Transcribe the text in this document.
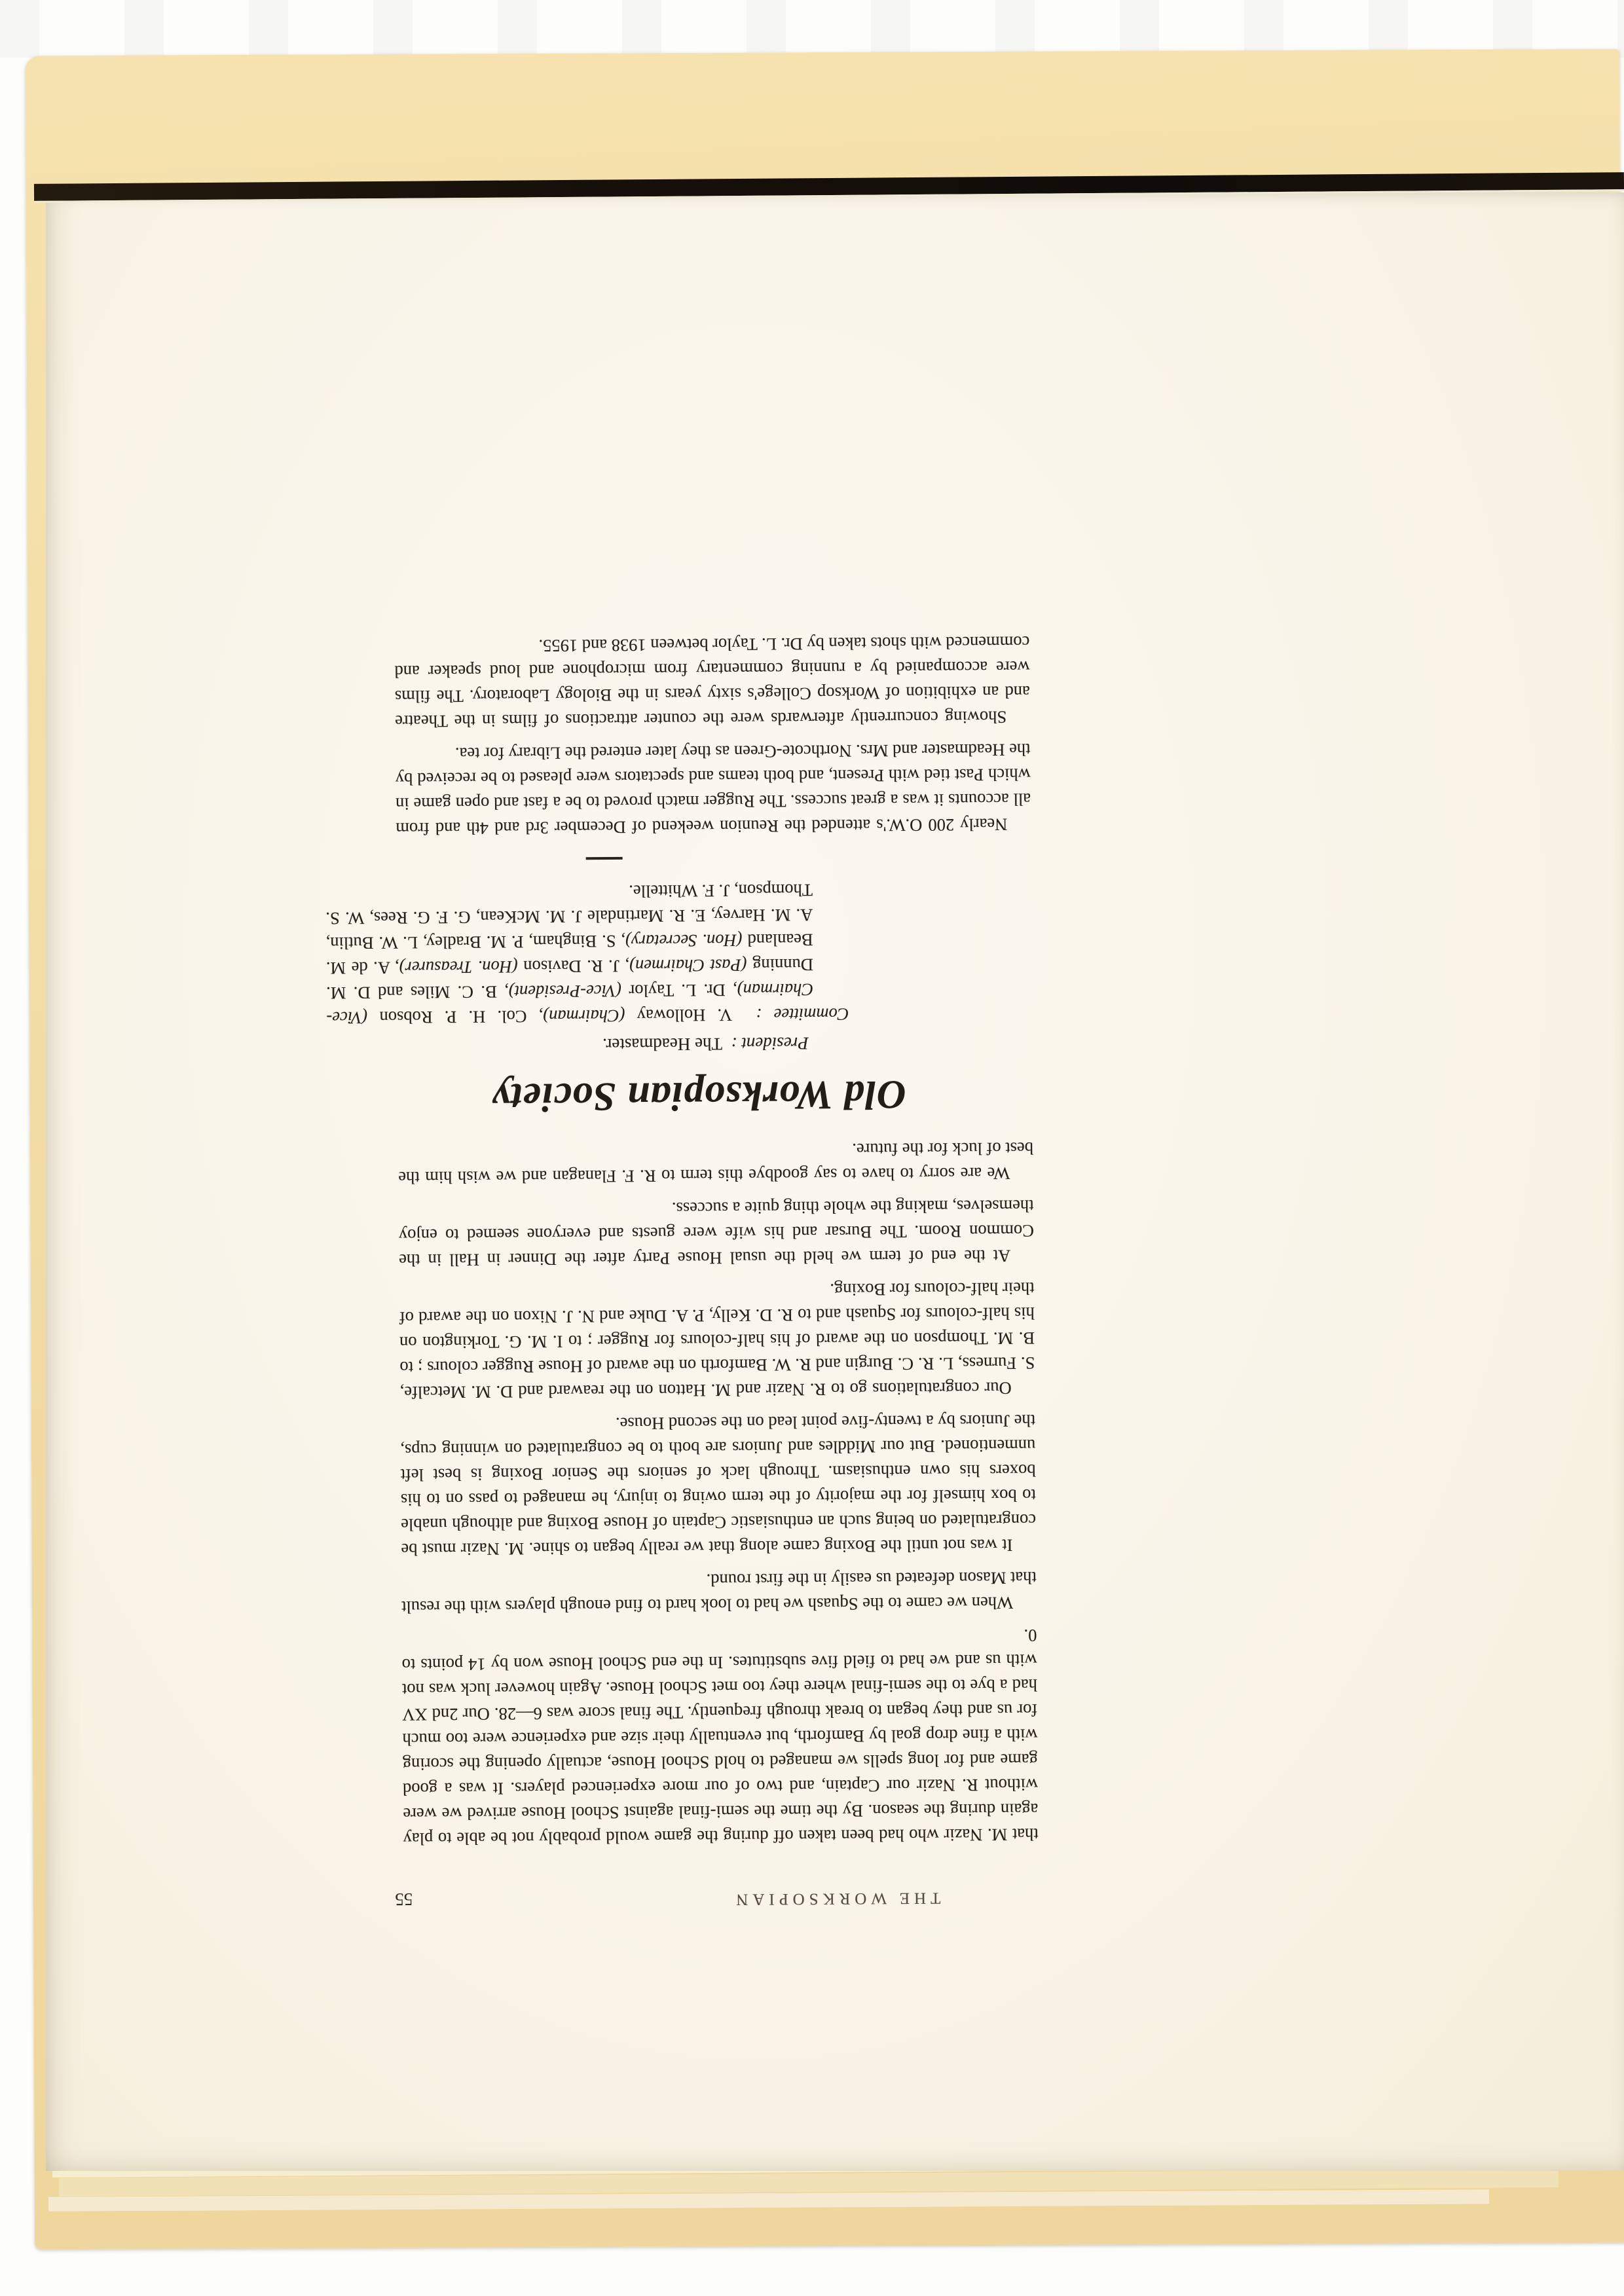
THE WORKSOPIAN
55

that M. Nazir who had been taken off during the game would probably not be able to play again during the season. By the time the semi-final against School House arrived we were without R. Nazir our Captain, and two of our more experienced players. It was a good game and for long spells we managed to hold School House, actually opening the scoring with a fine drop goal by Bamforth, but eventually their size and experience were too much for us and they began to break through frequently. The final score was 6—28. Our 2nd XV had a bye to the semi-final where they too met School House. Again however luck was not with us and we had to field five substitutes. In the end School House won by 14 points to 0.

When we came to the Squash we had to look hard to find enough players with the result that Mason defeated us easily in the first round.

It was not until the Boxing came along that we really began to shine. M. Nazir must be congratulated on being such an enthusiastic Captain of House Boxing and although unable to box himself for the majority of the term owing to injury, he managed to pass on to his boxers his own enthusiasm. Through lack of seniors the Senior Boxing is best left unmentioned. But our Middles and Juniors are both to be congratulated on winning cups, the Juniors by a twenty-five point lead on the second House.

Our congratulations go to R. Nazir and M. Hatton on the reaward and D. M. Metcalfe, S. Furness, L. R. C. Burgin and R. W. Bamforth on the award of House Rugger colours ; to B. M. Thompson on the award of his half-colours for Rugger ; to I. M. G. Torkington on his half-colours for Squash and to R. D. Kelly, P. A. Duke and N. J. Nixon on the award of their half-colours for Boxing.

At the end of term we held the usual House Party after the Dinner in Hall in the Common Room. The Bursar and his wife were guests and everyone seemed to enjoy themselves, making the whole thing quite a success.

We are sorry to have to say goodbye this term to R. F. Flanagan and we wish him the best of luck for the future.

Old Worksopian Society
President :  The Headmaster.
Committee :  V. Holloway (Chairman), Col. H. P. Robson (Vice-Chairman), Dr. L. Taylor (Vice-President), B. C. Miles and D. M. Dunning (Past Chairmen), J. R. Davison (Hon. Treasurer), A. de M. Beanland (Hon. Secretary), S. Bingham, P. M. Bradley, L. W. Butlin, A. M. Harvey, E. R. Martindale J. M. McKean, G. F. G. Rees, W. S. Thompson, J. F. Whittelle.

Nearly 200 O.W.'s attended the Reunion weekend of December 3rd and 4th and from all accounts it was a great success. The Rugger match proved to be a fast and open game in which Past tied with Present, and both teams and spectators were pleased to be received by the Headmaster and Mrs. Northcote-Green as they later entered the Library for tea.

Showing concurrently afterwards were the counter attractions of films in the Theatre and an exhibition of Worksop College's sixty years in the Biology Laboratory. The films were accompanied by a running commentary from microphone and loud speaker and commenced with shots taken by Dr. L. Taylor between 1938 and 1955.
